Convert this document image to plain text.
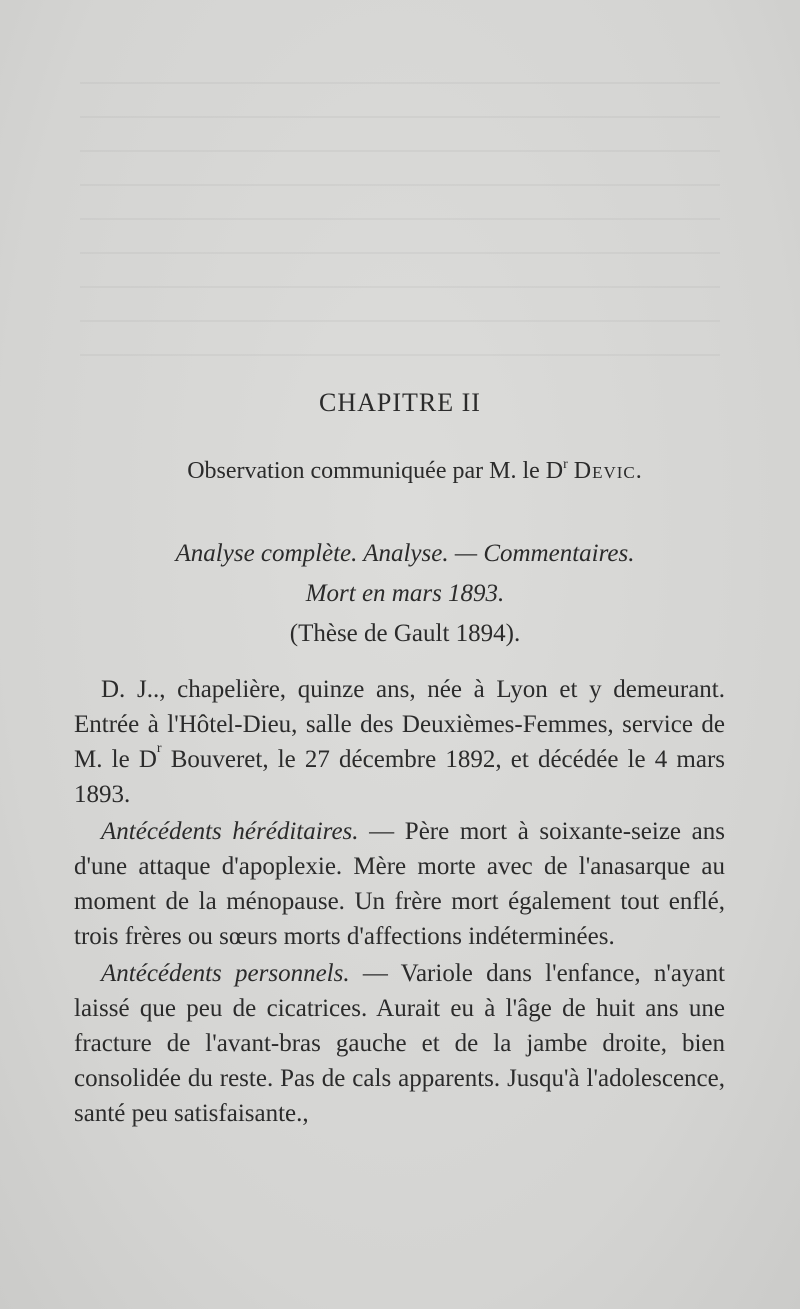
CHAPITRE II
Observation communiquée par M. le $D^r$ Devic.
Analyse complète. Analyse. — Commentaires.
Mort en mars 1893.
(Thèse de Gault 1894).

D. J.., chapelière, quinze ans, née à Lyon et y demeurant. Entrée à l'Hôtel-Dieu, salle des Deuxièmes-Femmes, service de M. le $D^r$ Bouveret, le 27 décembre 1892, et décédée le 4 mars 1893.

Antécédents héréditaires. — Père mort à soixante-seize ans d'une attaque d'apoplexie. Mère morte avec de l'anasarque au moment de la ménopause. Un frère mort également tout enflé, trois frères ou sœurs morts d'affections indéterminées.

Antécédents personnels. — Variole dans l'enfance, n'ayant laissé que peu de cicatrices. Aurait eu à l'âge de huit ans une fracture de l'avant-bras gauche et de la jambe droite, bien consolidée du reste. Pas de cals apparents. Jusqu'à l'adolescence, santé peu satisfaisante.,
